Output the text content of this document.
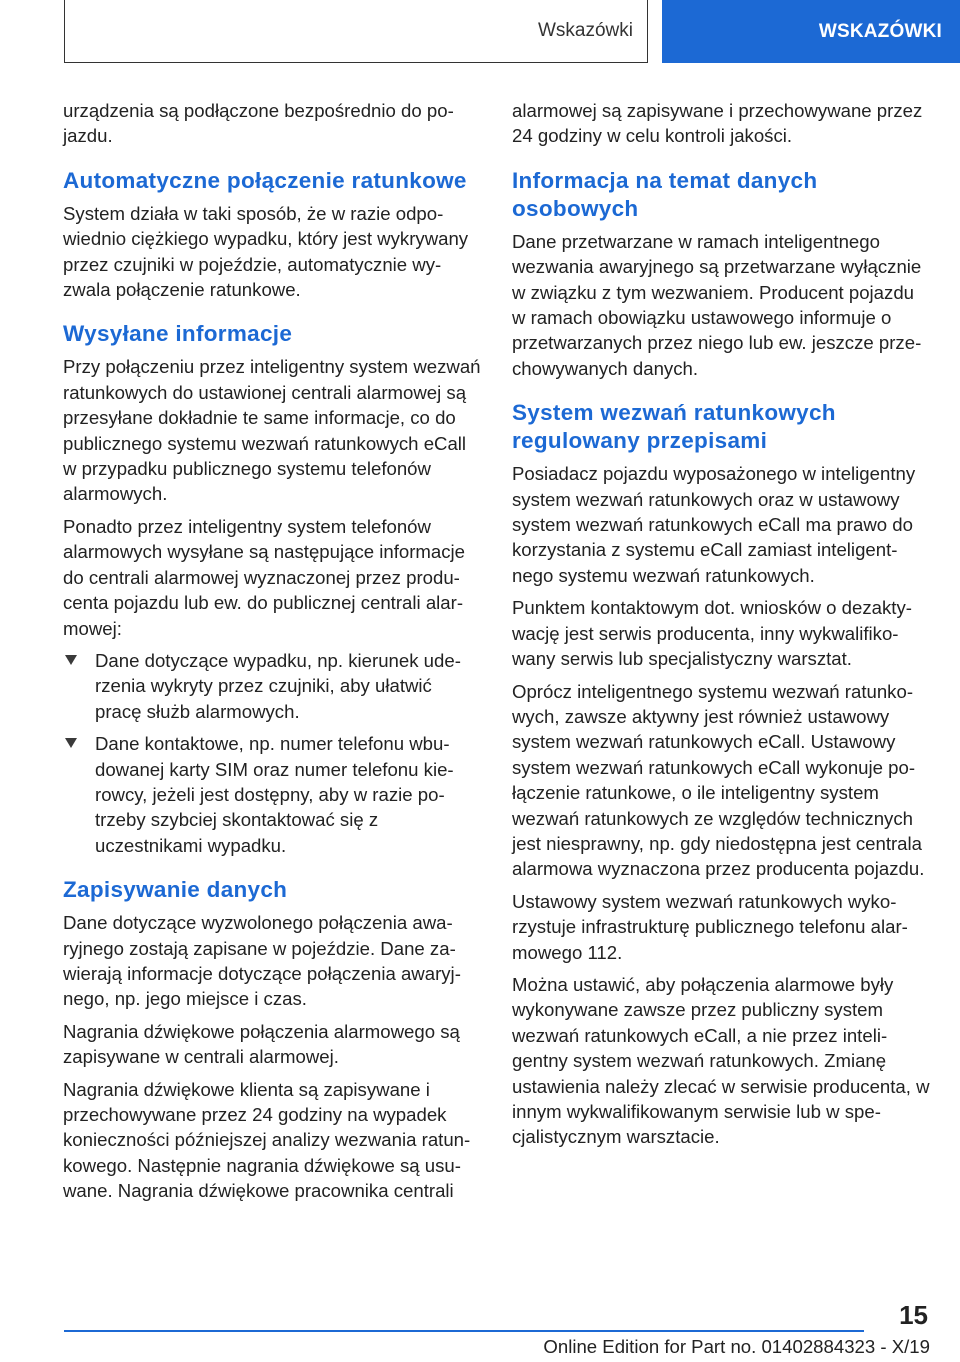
Wskazówki	WSKAZÓWKI

urządzenia są podłączone bezpośrednio do pojazdu.

Automatyczne połączenie ratunkowe

System działa w taki sposób, że w razie odpowiednio ciężkiego wypadku, który jest wykrywany przez czujniki w pojeździe, automatycznie wyzwala połączenie ratunkowe.

Wysyłane informacje

Przy połączeniu przez inteligentny system wezwań ratunkowych do ustawionej centrali alarmowej są przesyłane dokładnie te same informacje, co do publicznego systemu wezwań ratunkowych eCall w przypadku publicznego systemu telefonów alarmowych.

Ponadto przez inteligentny system telefonów alarmowych wysyłane są następujące informacje do centrali alarmowej wyznaczonej przez producenta pojazdu lub ew. do publicznej centrali alarmowej:

Dane dotyczące wypadku, np. kierunek uderzenia wykryty przez czujniki, aby ułatwić pracę służb alarmowych.
Dane kontaktowe, np. numer telefonu wbudowanej karty SIM oraz numer telefonu kierowcy, jeżeli jest dostępny, aby w razie potrzeby szybciej skontaktować się z uczestnikami wypadku.
Zapisywanie danych

Dane dotyczące wyzwolonego połączenia awaryjnego zostają zapisane w pojeździe. Dane zawierają informacje dotyczące połączenia awaryjnego, np. jego miejsce i czas.

Nagrania dźwiękowe połączenia alarmowego są zapisywane w centrali alarmowej.

Nagrania dźwiękowe klienta są zapisywane i przechowywane przez 24 godziny na wypadek konieczności późniejszej analizy wezwania ratunkowego. Następnie nagrania dźwiękowe są usuwane. Nagrania dźwiękowe pracownika centrali

alarmowej są zapisywane i przechowywane przez 24 godziny w celu kontroli jakości.

Informacja na temat danych osobowych

Dane przetwarzane w ramach inteligentnego wezwania awaryjnego są przetwarzane wyłącznie w związku z tym wezwaniem. Producent pojazdu w ramach obowiązku ustawowego informuje o przetwarzanych przez niego lub ew. jeszcze przechowywanych danych.

System wezwań ratunkowych regulowany przepisami

Posiadacz pojazdu wyposażonego w inteligentny system wezwań ratunkowych oraz w ustawowy system wezwań ratunkowych eCall ma prawo do korzystania z systemu eCall zamiast inteligentnego systemu wezwań ratunkowych.

Punktem kontaktowym dot. wniosków o dezaktywację jest serwis producenta, inny wykwalifikowany serwis lub specjalistyczny warsztat.

Oprócz inteligentnego systemu wezwań ratunkowych, zawsze aktywny jest również ustawowy system wezwań ratunkowych eCall. Ustawowy system wezwań ratunkowych eCall wykonuje połączenie ratunkowe, o ile inteligentny system wezwań ratunkowych ze względów technicznych jest niesprawny, np. gdy niedostępna jest centrala alarmowa wyznaczona przez producenta pojazdu.

Ustawowy system wezwań ratunkowych wykorzystuje infrastrukturę publicznego telefonu alarmowego 112.

Można ustawić, aby połączenia alarmowe były wykonywane zawsze przez publiczny system wezwań ratunkowych eCall, a nie przez inteligentny system wezwań ratunkowych. Zmianę ustawienia należy zlecać w serwisie producenta, w innym wykwalifikowanym serwisie lub w specjalistycznym warsztacie.

15
Online Edition for Part no. 01402884323 - X/19
